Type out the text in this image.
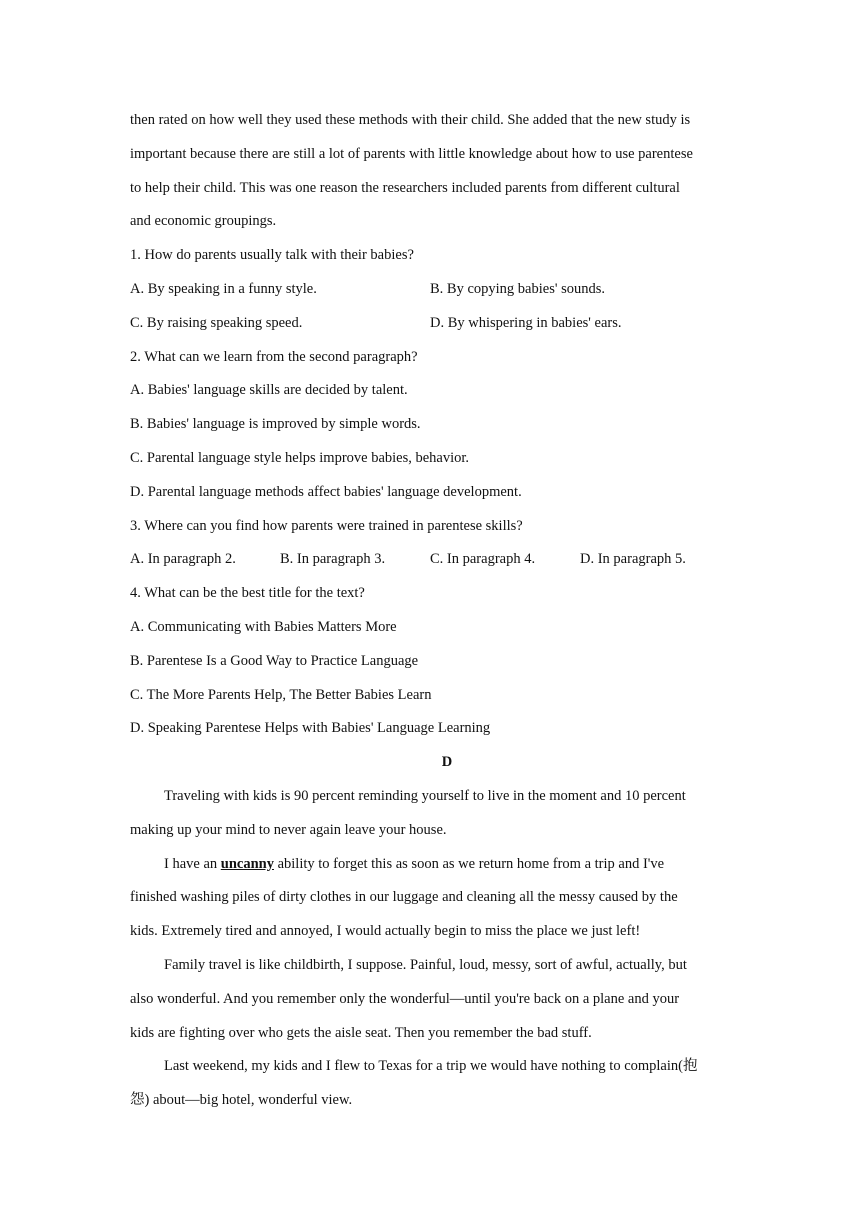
then rated on how well they used these methods with their child. She added that the new study is
important because there are still a lot of parents with little knowledge about how to use parentese
to help their child. This was one reason the researchers included parents from different cultural
and economic groupings.
1. How do parents usually talk with their babies?
A. By speaking in a funny style.	B. By copying babies' sounds.
C. By raising speaking speed.	D. By whispering in babies' ears.
2. What can we learn from the second paragraph?
A. Babies' language skills are decided by talent.
B. Babies' language is improved by simple words.
C. Parental language style helps improve babies, behavior.
D. Parental language methods affect babies' language development.
3. Where can you find how parents were trained in parentese skills?
A. In paragraph 2.	B. In paragraph 3.	C. In paragraph 4.	D. In paragraph 5.
4. What can be the best title for the text?
A. Communicating with Babies Matters More
B. Parentese Is a Good Way to Practice Language
C. The More Parents Help, The Better Babies Learn
D. Speaking Parentese Helps with Babies' Language Learning
D
Traveling with kids is 90 percent reminding yourself to live in the moment and 10 percent
making up your mind to never again leave your house.
I have an uncanny ability to forget this as soon as we return home from a trip and I've
finished washing piles of dirty clothes in our luggage and cleaning all the messy caused by the
kids. Extremely tired and annoyed, I would actually begin to miss the place we just left!
Family travel is like childbirth, I suppose. Painful, loud, messy, sort of awful, actually, but
also wonderful. And you remember only the wonderful—until you're back on a plane and your
kids are fighting over who gets the aisle seat. Then you remember the bad stuff.
Last weekend, my kids and I flew to Texas for a trip we would have nothing to complain(抱
怨) about—big hotel, wonderful view.
